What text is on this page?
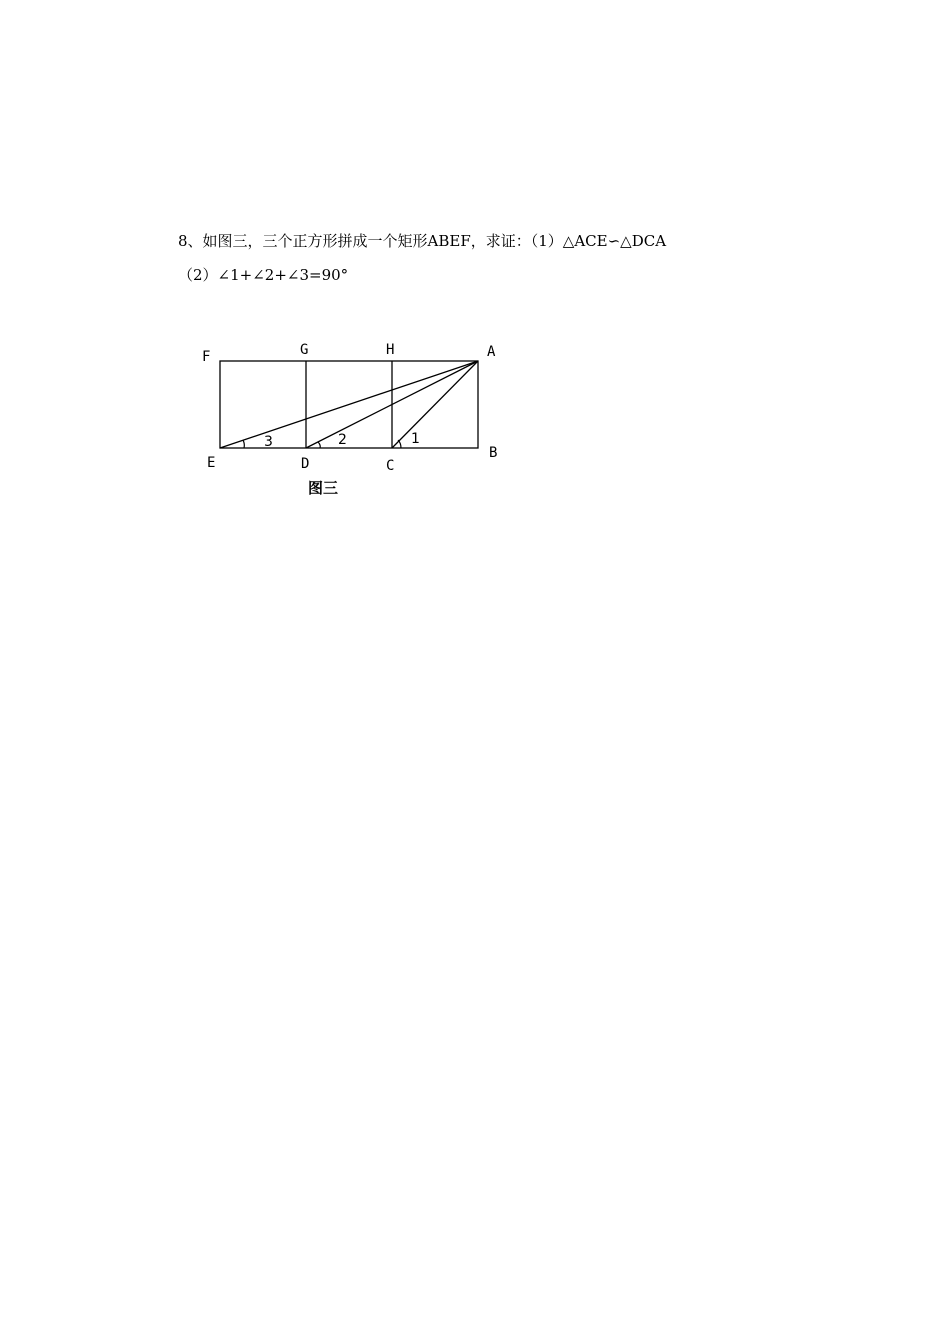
8、如图三，三个正方形拼成一个矩形ABEF，求证：（1）△ACE∽△DCA
（2）∠1+∠2+∠3=90°
F	G	H	A
E	D	C
B
3	2	1
图三
